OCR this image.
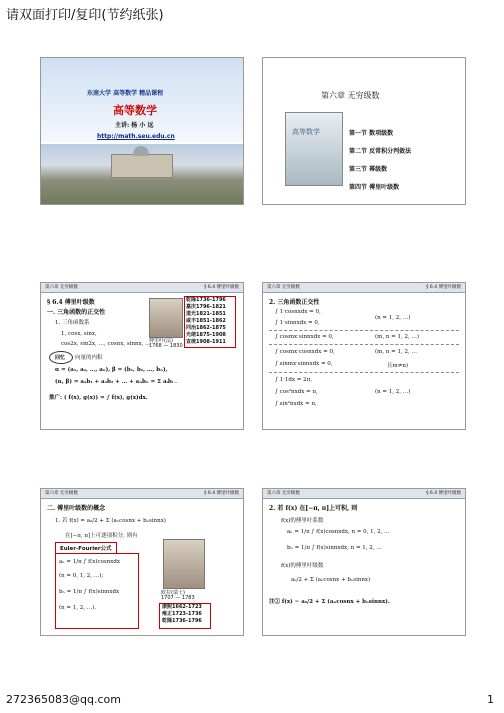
请双面打印/复印(节约纸张)
东南大学 高等数学 精品课程
高等数学
主讲: 杨 小 远
http://math.seu.edu.cn
第六章 无穷级数
高等数学	第一节 数项级数
第二节 反常积分判敛法
第三节 幂级数
第四节 傅里叶级数
第六章 无穷级数	§ 6.4 傅里叶级数
§ 6.4 傅里叶级数
一. 三角函数的正交性
1. 三角函数系
1, cosx, sinx,
cos2x, sin2x, …, cosnx, sinnx, …
傅里叶(法)
1768 — 1830
乾隆1736-1796
嘉庆1796-1821
道光1821-1851
咸丰1851-1862
同治1862-1875
光绪1875-1908
宣统1908-1911
回忆 向量的内积
α = (a₁, a₂, …, aₙ), β = (b₁, b₂, …, bₙ),
(α, β) = a₁b₁ + a₂b₂ + … + aₙbₙ = Σ aᵢbᵢ .
推广: ( f(x), g(x)) = ∫ f(x), g(x)dx.
第六章 无穷级数	§ 6.4 傅里叶级数
2. 三角函数正交性
∫ 1·cosnxdx = 0,
∫ 1·sinnxdx = 0,
(n = 1, 2, …)
∫ cosmx·sinnxdx = 0,	(m, n = 1, 2, …)
∫ cosmx·cosnxdx = 0,	(m, n = 1, 2, …
∫ sinmx·sinnxdx = 0,	且m≠n)
∫ 1·1dx = 2π,
∫ cos²nxdx = π,	(n = 1, 2, …)
∫ sin²nxdx = π,
第六章 无穷级数	§ 6.4 傅里叶级数
二. 傅里叶级数的概念
1. 若 f(x) = a₀/2 + Σ (aₙcosnx + bₙsinnx)
在[−π, π]上可逐项积分, 则有
Euler-Fourier公式
aₙ = 1/π ∫ f(x)cosnxdx
(n = 0, 1, 2, …);
bₙ = 1/π ∫ f(x)sinnxdx
(n = 1, 2, …).
欧拉(瑞士)
1707 — 1783
康熙1662-1723
雍正1723-1736
乾隆1736-1796
第六章 无穷级数	§ 6.4 傅里叶级数
2. 若 f(x) 在[−π, π]上可积, 则
f(x)的傅里叶系数
aₙ = 1/π ∫ f(x)cosnxdx, n = 0, 1, 2, …
bₙ = 1/π ∫ f(x)sinnxdx, n = 1, 2, …
f(x)的傅里叶级数
a₀/2 + Σ (aₙcosnx + bₙsinnx)
注① f(x) ~ a₀/2 + Σ (aₙcosnx + bₙsinnx).
272365083@qq.com	1
